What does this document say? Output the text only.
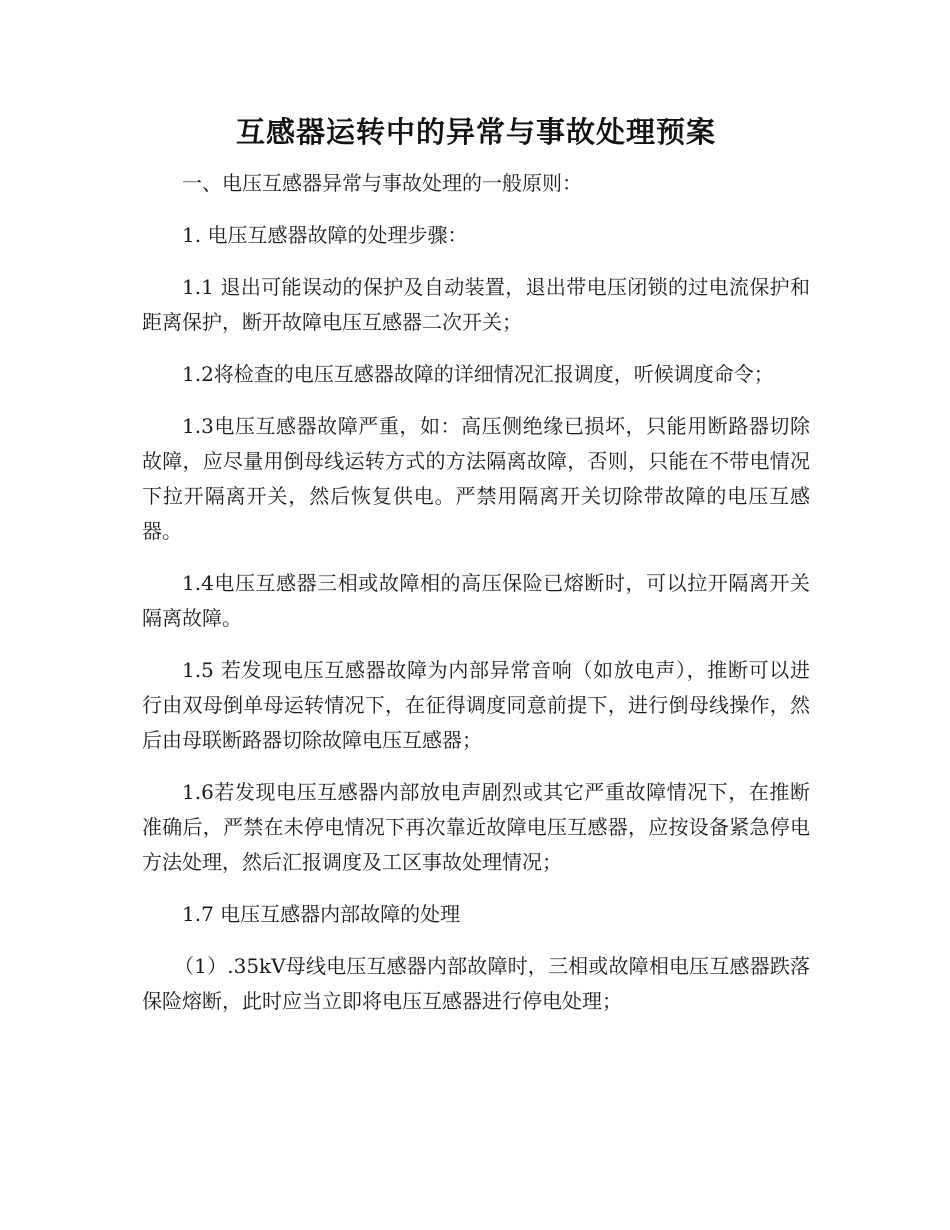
互感器运转中的异常与事故处理预案

一、电压互感器异常与事故处理的一般原则：

1. 电压互感器故障的处理步骤：

1.1 退出可能误动的保护及自动装置，退出带电压闭锁的过电流保护和距离保护，断开故障电压互感器二次开关；

1.2将检查的电压互感器故障的详细情况汇报调度，听候调度命令；

1.3电压互感器故障严重，如：高压侧绝缘已损坏，只能用断路器切除故障，应尽量用倒母线运转方式的方法隔离故障，否则，只能在不带电情况下拉开隔离开关，然后恢复供电。严禁用隔离开关切除带故障的电压互感器。

1.4电压互感器三相或故障相的高压保险已熔断时，可以拉开隔离开关隔离故障。

1.5 若发现电压互感器故障为内部异常音响（如放电声），推断可以进行由双母倒单母运转情况下，在征得调度同意前提下，进行倒母线操作，然后由母联断路器切除故障电压互感器；

1.6若发现电压互感器内部放电声剧烈或其它严重故障情况下，在推断准确后，严禁在未停电情况下再次靠近故障电压互感器，应按设备紧急停电方法处理，然后汇报调度及工区事故处理情况；

1.7 电压互感器内部故障的处理

（1）.35kV母线电压互感器内部故障时，三相或故障相电压互感器跌落保险熔断，此时应当立即将电压互感器进行停电处理；
